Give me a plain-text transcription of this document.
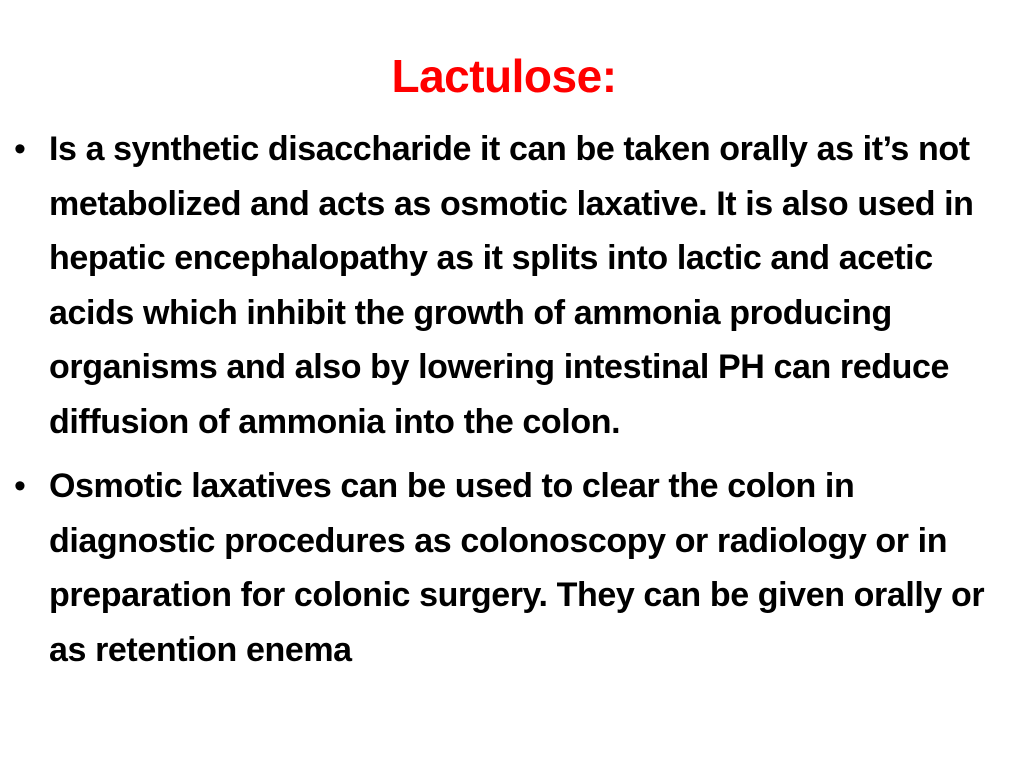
Lactulose:
• Is a synthetic disaccharide it can be taken orally as it’s not metabolized and acts as osmotic laxative. It is also used in hepatic encephalopathy as it splits into lactic and acetic acids which inhibit the growth of ammonia producing organisms and also by lowering intestinal PH can reduce diffusion of ammonia into the colon.
• Osmotic laxatives can be used to clear the colon in diagnostic procedures as colonoscopy or radiology or in preparation for colonic surgery. They can be given orally or as retention enema
